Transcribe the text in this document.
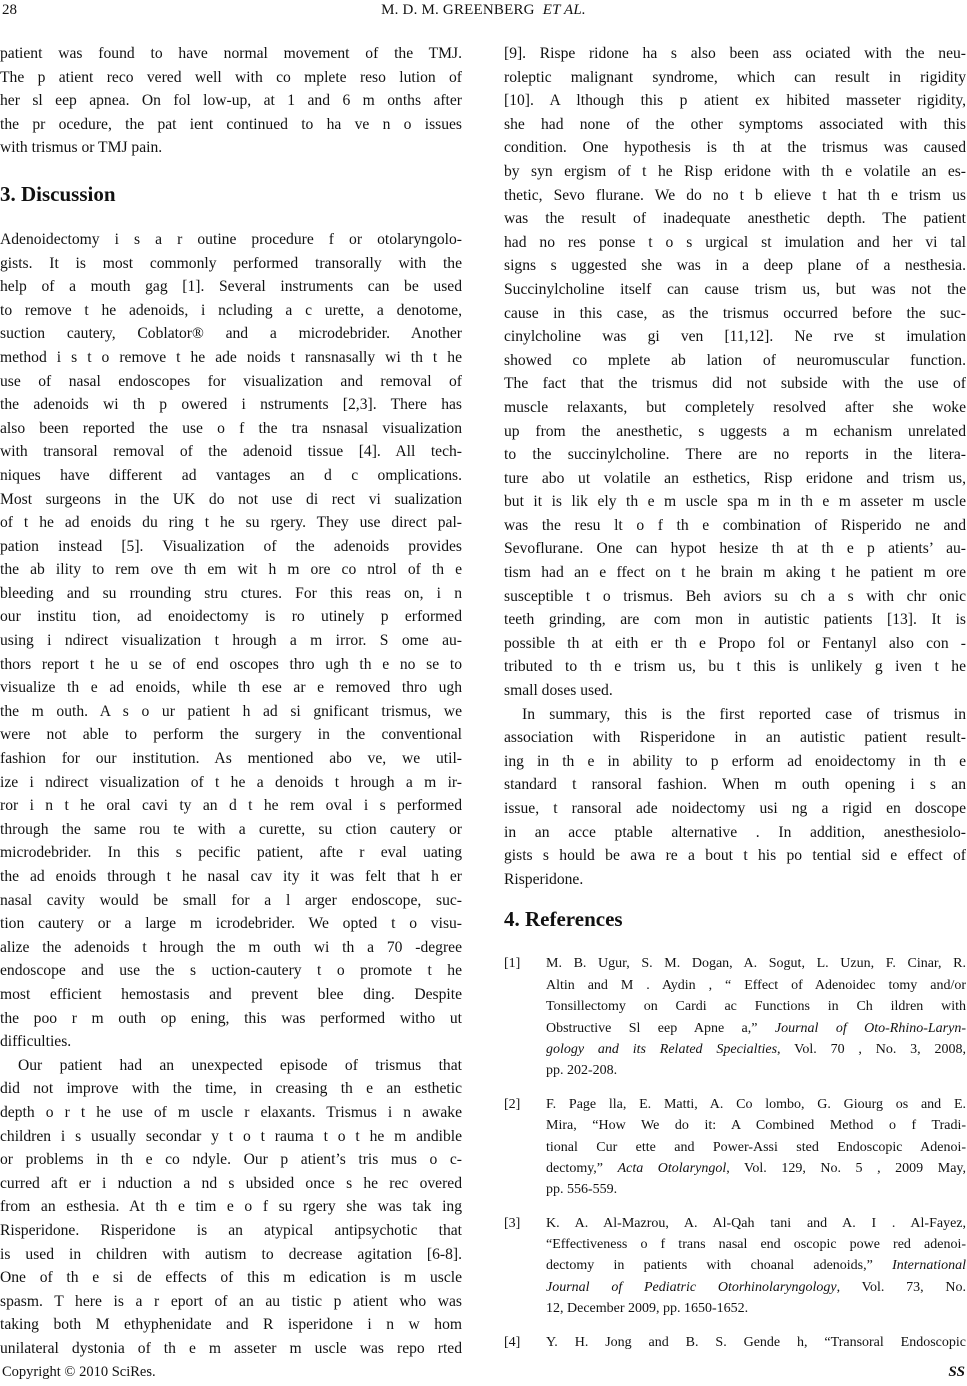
28	M. D. M. GREENBERG ET AL.
patient was found to have normal movement of the TMJ.
The p atient reco vered well with co mplete reso lution of
her sl eep apnea. On fol low-up, at 1 and 6 m onths after
the pr ocedure, the pat ient continued to ha ve n o issues
with trismus or TMJ pain.
3. Discussion
Adenoidectomy i s a r outine procedure f or otolaryngolo-
gists. It is most commonly performed transorally with the
help of a mouth gag [1]. Several instruments can be used
to remove t he adenoids, i ncluding a c urette, a denotome,
suction cautery, Coblator® and a microdebrider. Another
method i s t o remove t he ade noids t ransnasally wi th t he
use of nasal endoscopes for visualization and removal of
the adenoids wi th p owered i nstruments [2,3]. There has
also been reported the use o f the tra nsnasal visualization
with transoral removal of the adenoid tissue [4]. All tech-
niques have different ad vantages an d c omplications.
Most surgeons in the UK do not use di rect vi sualization
of t he ad enoids du ring t he su rgery. They use direct pal-
pation instead [5]. Visualization of the adenoids provides
the ab ility to rem ove th em wit h m ore co ntrol of th e
bleeding and su rrounding stru ctures. For this reas on, i n
our institu tion, ad enoidectomy is ro utinely p erformed
using i ndirect visualization t hrough a m irror. S ome au-
thors report t he u se of end oscopes thro ugh th e no se to
visualize th e ad enoids, while th ese ar e removed thro ugh
the m outh. A s o ur patient h ad si gnificant trismus, we
were not able to perform the surgery in the conventional
fashion for our institution. As mentioned abo ve, we util-
ize i ndirect visualization of t he a denoids t hrough a m ir-
ror i n t he oral cavi ty an d t he rem oval i s performed
through the same rou te with a curette, su ction cautery or
microdebrider. In this s pecific patient, afte r eval uating
the ad enoids through t he nasal cav ity it was felt that h er
nasal cavity would be small for a l arger endoscope, suc-
tion cautery or a large m icrodebrider. We opted t o visu-
alize the adenoids t hrough the m outh wi th a 70 -degree
endoscope and use the s uction-cautery t o promote t he
most efficient hemostasis and prevent blee ding. Despite
the poo r m outh op ening, this was performed witho ut
difficulties.
Our patient had an unexpected episode of trismus that
did not improve with the time, in creasing th e an esthetic
depth o r t he use of m uscle r elaxants. Trismus i n awake
children i s usually secondar y t o t rauma t o t he m andible
or problems in th e co ndyle. Our p atient’s tris mus o c-
curred aft er i nduction a nd s ubsided once s he rec overed
from an esthesia. At th e tim e o f su rgery she was tak ing
Risperidone. Risperidone is an atypical antipsychotic that
is used in children with autism to decrease agitation [6-8].
One of th e si de effects of this m edication is m uscle
spasm. T here is a r eport of an au tistic p atient who was
taking both M ethyphenidate and R isperidone i n w hom
unilateral dystonia of th e m asseter m uscle was repo rted
[9]. Rispe ridone ha s also been ass ociated with the neu-
roleptic malignant syndrome, which can result in rigidity
[10]. A lthough this p atient ex hibited masseter rigidity,
she had none of the other symptoms associated with this
condition. One hypothesis is th at the trismus was caused
by syn ergism of t he Risp eridone with th e volatile an es-
thetic, Sevo flurane. We do no t b elieve t hat th e trism us
was the result of inadequate anesthetic depth. The patient
had no res ponse t o s urgical st imulation and her vi tal
signs s uggested she was in a deep plane of a nesthesia.
Succinylcholine itself can cause trism us, but was not the
cause in this case, as the trismus occurred before the suc-
cinylcholine was gi ven [11,12]. Ne rve st imulation
showed co mplete ab lation of neuromuscular function.
The fact that the trismus did not subside with the use of
muscle relaxants, but completely resolved after she woke
up from the anesthetic, s uggests a m echanism unrelated
to the succinylcholine. There are no reports in the litera-
ture abo ut volatile an esthetics, Risp eridone and trism us,
but it is lik ely th e m uscle spa m in th e m asseter m uscle
was the resu lt o f th e combination of Risperido ne and
Sevoflurane. One can hypot hesize th at th e p atients’ au-
tism had an e ffect on t he brain m aking t he patient m ore
susceptible t o trismus. Beh aviors su ch a s with chr onic
teeth grinding, are com mon in autistic patients [13]. It is
possible th at eith er th e Propo fol or Fentanyl also con -
tributed to th e trism us, bu t this is unlikely g iven t he
small doses used.
In summary, this is the first reported case of trismus in
association with Risperidone in an autistic patient result-
ing in th e in ability to p erform ad enoidectomy in th e
standard t ransoral fashion. When m outh opening i s an
issue, t ransoral ade noidectomy usi ng a rigid en doscope
in an acce ptable alternative . In addition, anesthesiolo-
gists s hould be awa re a bout t his po tential sid e effect of
Risperidone.
4. References
[1]	M. B. Ugur, S. M. Dogan, A. Sogut, L. Uzun, F. Cinar, R.
Altin and M . Aydin , “ Effect of Adenoidec tomy and/or
Tonsillectomy on Cardi ac Functions in Ch ildren with
Obstructive Sl eep Apne a,” Journal of Oto-Rhino-Laryn-
gology and its Related Specialties, Vol. 70 , No. 3, 2008,
pp. 202-208.
[2]	F. Page lla, E. Matti, A. Co lombo, G. Giourg os and E.
Mira, “How We do it: A Combined Method o f Tradi-
tional Cur ette and Power-Assi sted Endoscopic Adenoi-
dectomy,” Acta Otolaryngol, Vol. 129, No. 5 , 2009 May,
pp. 556-559.
[3]	K. A. Al-Mazrou, A. Al-Qah tani and A. I . Al-Fayez,
“Effectiveness o f trans nasal end oscopic powe red adenoi-
dectomy in patients with choanal adenoids,” International
Journal of Pediatric Otorhinolaryngology, Vol. 73, No.
12, December 2009, pp. 1650-1652.
[4]	Y. H. Jong and B. S. Gende h, “Transoral Endoscopic
Copyright © 2010 SciRes.	SS
